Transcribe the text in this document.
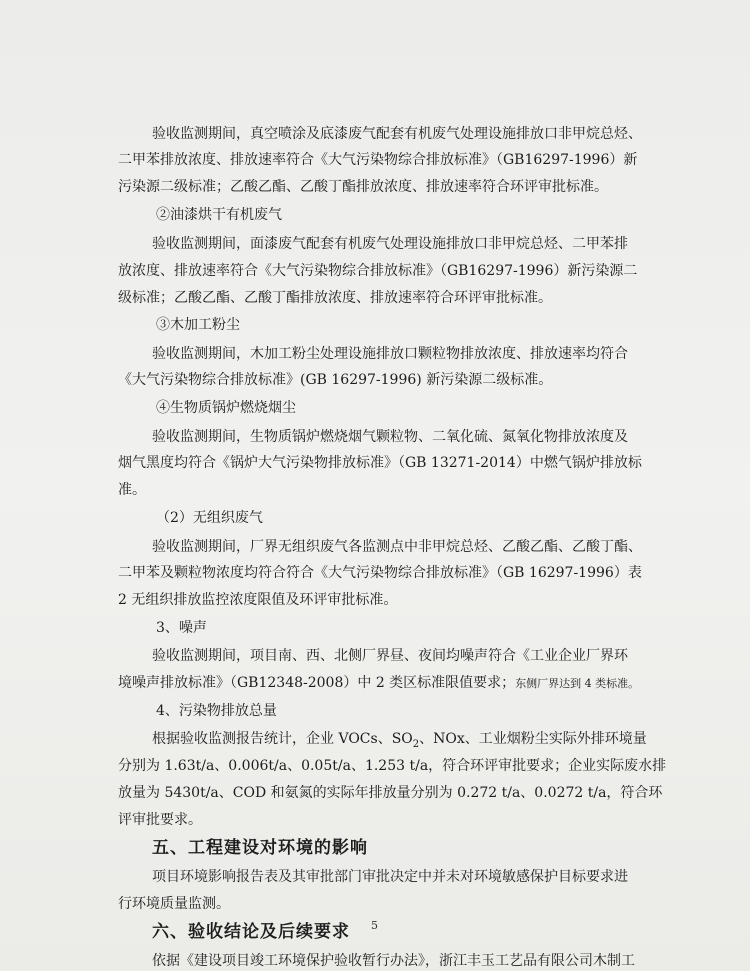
验收监测期间，真空喷涂及底漆废气配套有机废气处理设施排放口非甲烷总烃、
二甲苯排放浓度、排放速率符合《大气污染物综合排放标准》（GB16297-1996）新
污染源二级标准；乙酸乙酯、乙酸丁酯排放浓度、排放速率符合环评审批标准。
②油漆烘干有机废气
验收监测期间，面漆废气配套有机废气处理设施排放口非甲烷总烃、二甲苯排
放浓度、排放速率符合《大气污染物综合排放标准》（GB16297-1996）新污染源二
级标准；乙酸乙酯、乙酸丁酯排放浓度、排放速率符合环评审批标准。
③木加工粉尘
验收监测期间，木加工粉尘处理设施排放口颗粒物排放浓度、排放速率均符合
《大气污染物综合排放标准》(GB 16297-1996) 新污染源二级标准。
④生物质锅炉燃烧烟尘
验收监测期间，生物质锅炉燃烧烟气颗粒物、二氧化硫、氮氧化物排放浓度及
烟气黑度均符合《锅炉大气污染物排放标准》（GB 13271-2014）中燃气锅炉排放标
准。
（2）无组织废气
验收监测期间，厂界无组织废气各监测点中非甲烷总烃、乙酸乙酯、乙酸丁酯、
二甲苯及颗粒物浓度均符合符合《大气污染物综合排放标准》（GB 16297-1996）表
2 无组织排放监控浓度限值及环评审批标准。
3、噪声
验收监测期间，项目南、西、北侧厂界昼、夜间均噪声符合《工业企业厂界环
境噪声排放标准》（GB12348-2008）中 2 类区标准限值要求；东侧厂界达到 4 类标准。
4、污染物排放总量
根据验收监测报告统计，企业 VOCs、$SO_2$、NOx、工业烟粉尘实际外排环境量
分别为 1.63t/a、0.006t/a、0.05t/a、1.253 t/a，符合环评审批要求；企业实际废水排
放量为 5430t/a、COD 和氨氮的实际年排放量分别为 0.272 t/a、0.0272 t/a，符合环
评审批要求。
五、工程建设对环境的影响
项目环境影响报告表及其审批部门审批决定中并未对环境敏感保护目标要求进
行环境质量监测。
六、验收结论及后续要求
依据《建设项目竣工环境保护验收暂行办法》，浙江丰玉工艺品有限公司木制工
5
